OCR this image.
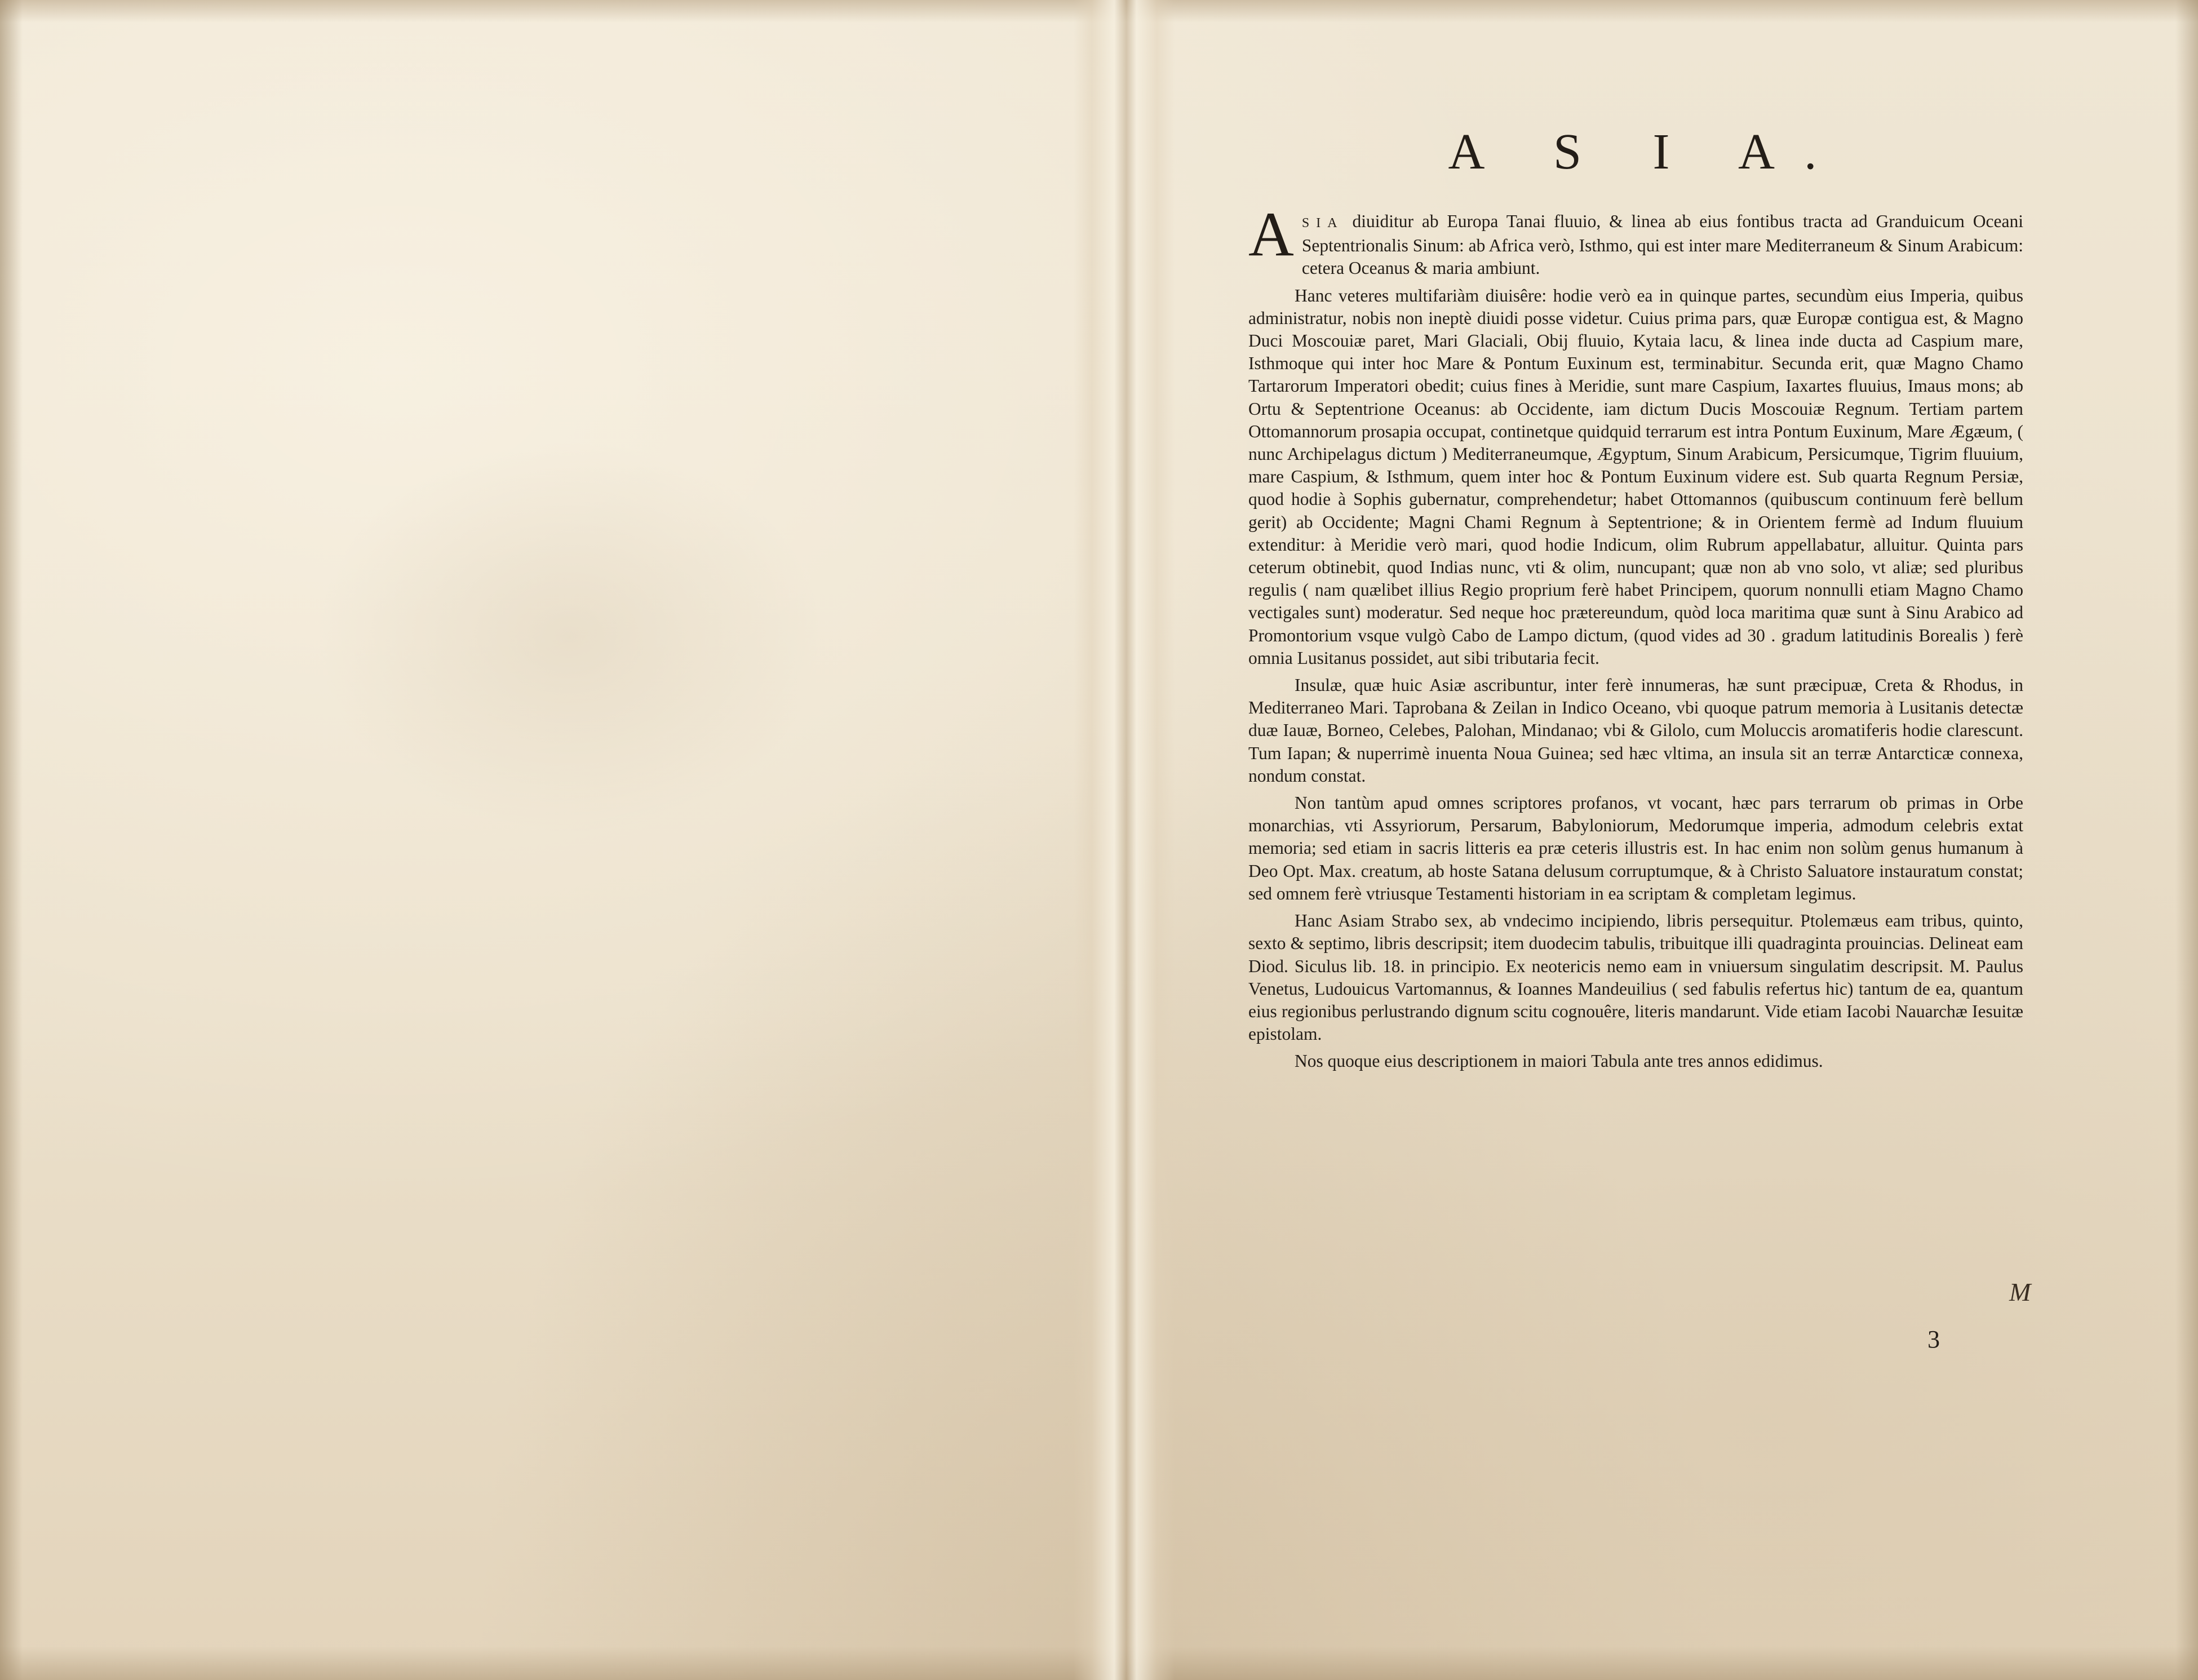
A S I A.

ASIA diuiditur ab Europa Tanai fluuio, & linea ab eius fontibus tracta ad Granduicum Oceani Septentrionalis Sinum: ab Africa verò, Isthmo, qui est inter mare Mediterraneum & Sinum Arabicum: cetera Oceanus & maria ambiunt.

Hanc veteres multifariàm diuisêre: hodie verò ea in quinque partes, secundùm eius Imperia, quibus administratur, nobis non ineptè diuidi posse videtur. Cuius prima pars, quæ Europæ contigua est, & Magno Duci Moscouiæ paret, Mari Glaciali, Obij fluuio, Kytaia lacu, & linea inde ducta ad Caspium mare, Isthmoque qui inter hoc Mare & Pontum Euxinum est, terminabitur. Secunda erit, quæ Magno Chamo Tartarorum Imperatori obedit; cuius fines à Meridie, sunt mare Caspium, Iaxartes fluuius, Imaus mons; ab Ortu & Septentrione Oceanus: ab Occidente, iam dictum Ducis Moscouiæ Regnum. Tertiam partem Ottomannorum prosapia occupat, continetque quidquid terrarum est intra Pontum Euxinum, Mare Ægæum, ( nunc Archipelagus dictum ) Mediterraneumque, Ægyptum, Sinum Arabicum, Persicumque, Tigrim fluuium, mare Caspium, & Isthmum, quem inter hoc & Pontum Euxinum videre est. Sub quarta Regnum Persiæ, quod hodie à Sophis gubernatur, comprehendetur; habet Ottomannos (quibuscum continuum ferè bellum gerit) ab Occidente; Magni Chami Regnum à Septentrione; & in Orientem fermè ad Indum fluuium extenditur: à Meridie verò mari, quod hodie Indicum, olim Rubrum appellabatur, alluitur. Quinta pars ceterum obtinebit, quod Indias nunc, vti & olim, nuncupant; quæ non ab vno solo, vt aliæ; sed pluribus regulis ( nam quælibet illius Regio proprium ferè habet Principem, quorum nonnulli etiam Magno Chamo vectigales sunt) moderatur. Sed neque hoc prætereundum, quòd loca maritima quæ sunt à Sinu Arabico ad Promontorium vsque vulgò Cabo de Lampo dictum, (quod vides ad 30 . gradum latitudinis Borealis ) ferè omnia Lusitanus possidet, aut sibi tributaria fecit.

Insulæ, quæ huic Asiæ ascribuntur, inter ferè innumeras, hæ sunt præcipuæ, Creta & Rhodus, in Mediterraneo Mari. Taprobana & Zeilan in Indico Oceano, vbi quoque patrum memoria à Lusitanis detectæ duæ Iauæ, Borneo, Celebes, Palohan, Mindanao; vbi & Gilolo, cum Moluccis aromatiferis hodie clarescunt. Tum Iapan; & nuperrimè inuenta Noua Guinea; sed hæc vltima, an insula sit an terræ Antarcticæ connexa, nondum constat.

Non tantùm apud omnes scriptores profanos, vt vocant, hæc pars terrarum ob primas in Orbe monarchias, vti Assyriorum, Persarum, Babyloniorum, Medorumque imperia, admodum celebris extat memoria; sed etiam in sacris litteris ea præ ceteris illustris est. In hac enim non solùm genus humanum à Deo Opt. Max. creatum, ab hoste Satana delusum corruptumque, & à Christo Saluatore instauratum constat; sed omnem ferè vtriusque Testamenti historiam in ea scriptam & completam legimus.

Hanc Asiam Strabo sex, ab vndecimo incipiendo, libris persequitur. Ptolemæus eam tribus, quinto, sexto & septimo, libris descripsit; item duodecim tabulis, tribuitque illi quadraginta prouincias. Delineat eam Diod. Siculus lib. 18. in principio. Ex neotericis nemo eam in vniuersum singulatim descripsit. M. Paulus Venetus, Ludouicus Vartomannus, & Ioannes Mandeuilius ( sed fabulis refertus hic) tantum de ea, quantum eius regionibus perlustrando dignum scitu cognouêre, literis mandarunt. Vide etiam Iacobi Nauarchæ Iesuitæ epistolam.

Nos quoque eius descriptionem in maiori Tabula ante tres annos edidimus.

M
3
